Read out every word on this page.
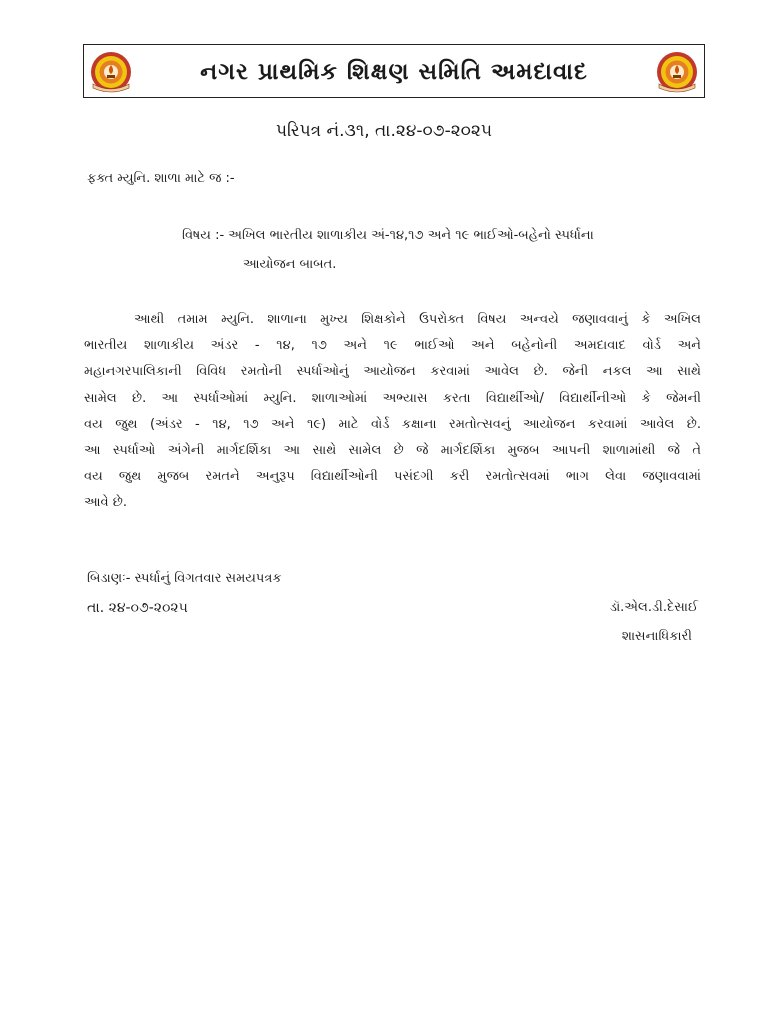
નગર પ્રાથમિક શિક્ષણ સમિતિ અમદાવાદ
પરિપત્ર નં.૩૧, તા.૨૪-૦૭-૨૦૨૫
ફક્ત મ્યુનિ. શાળા માટે જ :-
વિષય :- અખિલ ભારતીય શાળાકીય અં-૧૪,૧૭ અને ૧૯ ભાઈઓ-બહેનો સ્પર્ધાના
આયોજન બાબત.
આથી તમામ મ્યુનિ. શાળાના મુખ્ય શિક્ષકોને ઉપરોક્ત વિષય અન્વયે જણાવવાનું કે અખિલ
ભારતીય શાળાકીય અંડર - ૧૪, ૧૭ અને ૧૯ ભાઈઓ અને બહેનોની અમદાવાદ વોર્ડ અને
મહાનગરપાલિકાની વિવિધ રમતોની સ્પર્ધાઓનું આયોજન કરવામાં આવેલ છે. જેની નકલ આ સાથે
સામેલ છે. આ સ્પર્ધાઓમાં મ્યુનિ. શાળાઓમાં અભ્યાસ કરતા વિદ્યાર્થીઓ/ વિદ્યાર્થીનીઓ કે જેમની
વય જુથ (અંડર - ૧૪, ૧૭ અને ૧૯) માટે વોર્ડ કક્ષાના રમતોત્સવનું આયોજન કરવામાં આવેલ છે.
આ સ્પર્ધાઓ અંગેની માર્ગદર્શિકા આ સાથે સામેલ છે જે માર્ગદર્શિકા મુજબ આપની શાળામાંથી જે તે
વય જુથ મુજબ રમતને અનુરૂપ વિદ્યાર્થીઓની પસંદગી કરી રમતોત્સવમાં ભાગ લેવા જણાવવામાં
આવે છે.
બિડાણઃ- સ્પર્ધાનું વિગતવાર સમયપત્રક
તા. ૨૪-૦૭-૨૦૨૫	ડૉ.એલ.ડી.દેસાઈ
શાસનાધિકારી
